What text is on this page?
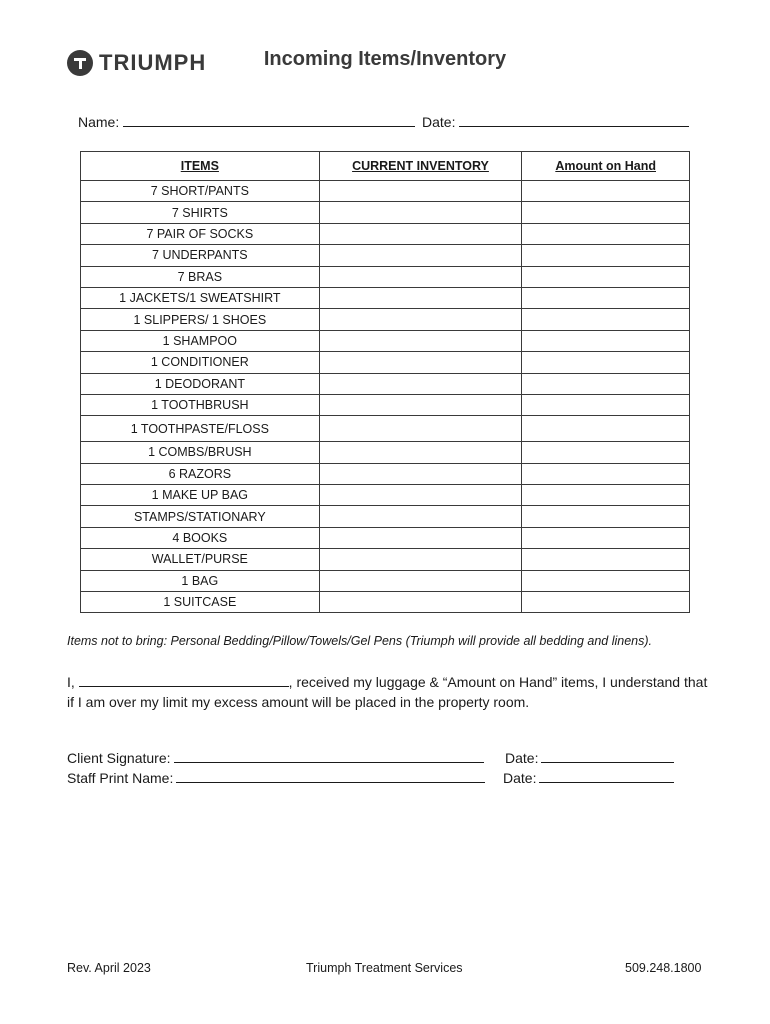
TRIUMPH	Incoming Items/Inventory
Name:	Date:
ITEMS	CURRENT INVENTORY	Amount on Hand
7 SHORT/PANTS		
7 SHIRTS		
7 PAIR OF SOCKS		
7 UNDERPANTS		
7 BRAS		
1 JACKETS/1 SWEATSHIRT		
1 SLIPPERS/ 1 SHOES		
1 SHAMPOO		
1 CONDITIONER		
1 DEODORANT		
1 TOOTHBRUSH		
1 TOOTHPASTE/FLOSS		
1 COMBS/BRUSH		
6 RAZORS		
1 MAKE UP BAG		
STAMPS/STATIONARY		
4 BOOKS		
WALLET/PURSE		
1 BAG		
1 SUITCASE		
Items not to bring: Personal Bedding/Pillow/Towels/Gel Pens (Triumph will provide all bedding and linens).
I,	, received my luggage & “Amount on Hand” items, I understand that if I am over my limit my excess amount will be placed in the property room.
Client Signature:	Date:
Staff Print Name:	Date:
Rev. April 2023	Triumph Treatment Services	509.248.1800
